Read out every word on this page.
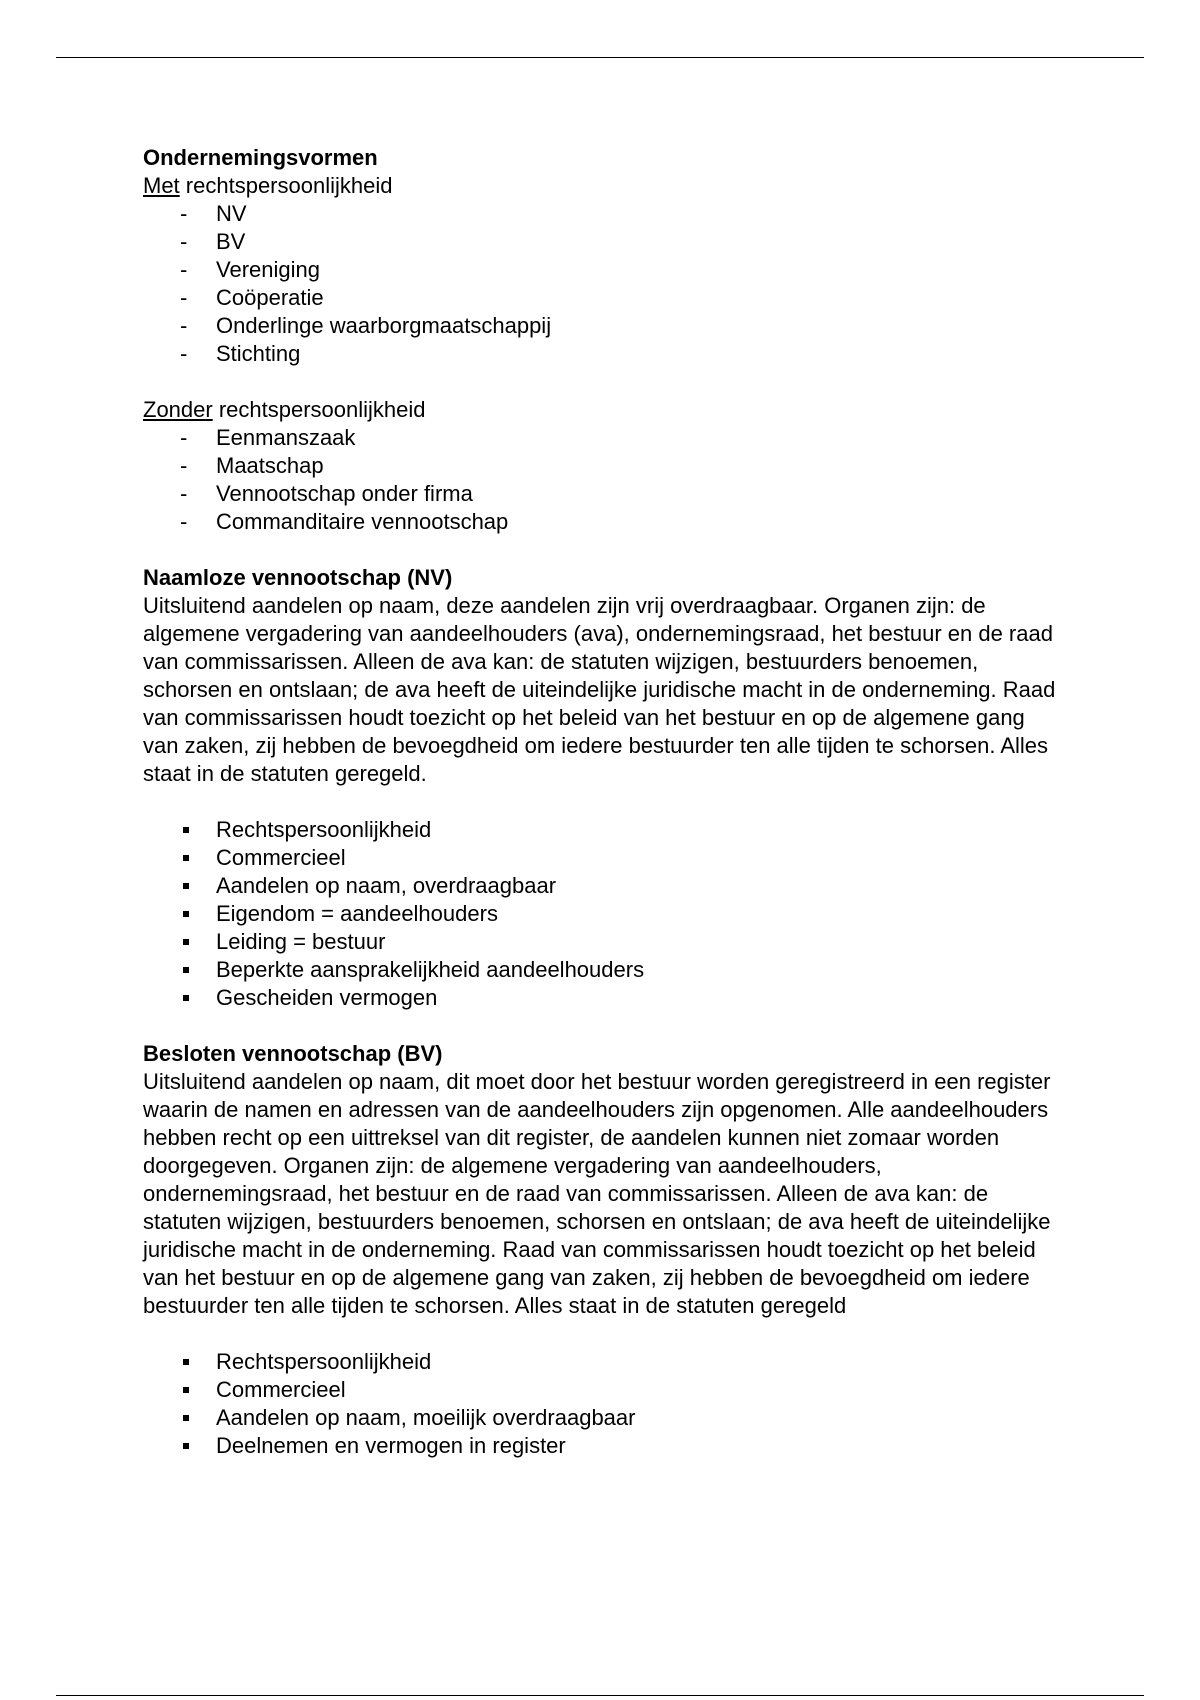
Ondernemingsvormen

Met rechtspersoonlijkheid

- NV
- BV
- Vereniging
- Coöperatie
- Onderlinge waarborgmaatschappij
- Stichting

Zonder rechtspersoonlijkheid

- Eenmanszaak
- Maatschap
- Vennootschap onder firma
- Commanditaire vennootschap

Naamloze vennootschap (NV)

Uitsluitend aandelen op naam, deze aandelen zijn vrij overdraagbaar. Organen zijn: de algemene vergadering van aandeelhouders (ava), ondernemingsraad, het bestuur en de raad van commissarissen. Alleen de ava kan: de statuten wijzigen, bestuurders benoemen, schorsen en ontslaan; de ava heeft de uiteindelijke juridische macht in de onderneming. Raad van commissarissen houdt toezicht op het beleid van het bestuur en op de algemene gang van zaken, zij hebben de bevoegdheid om iedere bestuurder ten alle tijden te schorsen. Alles staat in de statuten geregeld.

Rechtspersoonlijkheid
Commercieel
Aandelen op naam, overdraagbaar
Eigendom = aandeelhouders
Leiding = bestuur
Beperkte aansprakelijkheid aandeelhouders
Gescheiden vermogen

Besloten vennootschap (BV)

Uitsluitend aandelen op naam, dit moet door het bestuur worden geregistreerd in een register waarin de namen en adressen van de aandeelhouders zijn opgenomen. Alle aandeelhouders hebben recht op een uittreksel van dit register, de aandelen kunnen niet zomaar worden doorgegeven. Organen zijn: de algemene vergadering van aandeelhouders, ondernemingsraad, het bestuur en de raad van commissarissen. Alleen de ava kan: de statuten wijzigen, bestuurders benoemen, schorsen en ontslaan; de ava heeft de uiteindelijke juridische macht in de onderneming. Raad van commissarissen houdt toezicht op het beleid van het bestuur en op de algemene gang van zaken, zij hebben de bevoegdheid om iedere bestuurder ten alle tijden te schorsen. Alles staat in de statuten geregeld

Rechtspersoonlijkheid
Commercieel
Aandelen op naam, moeilijk overdraagbaar
Deelnemen en vermogen in register
